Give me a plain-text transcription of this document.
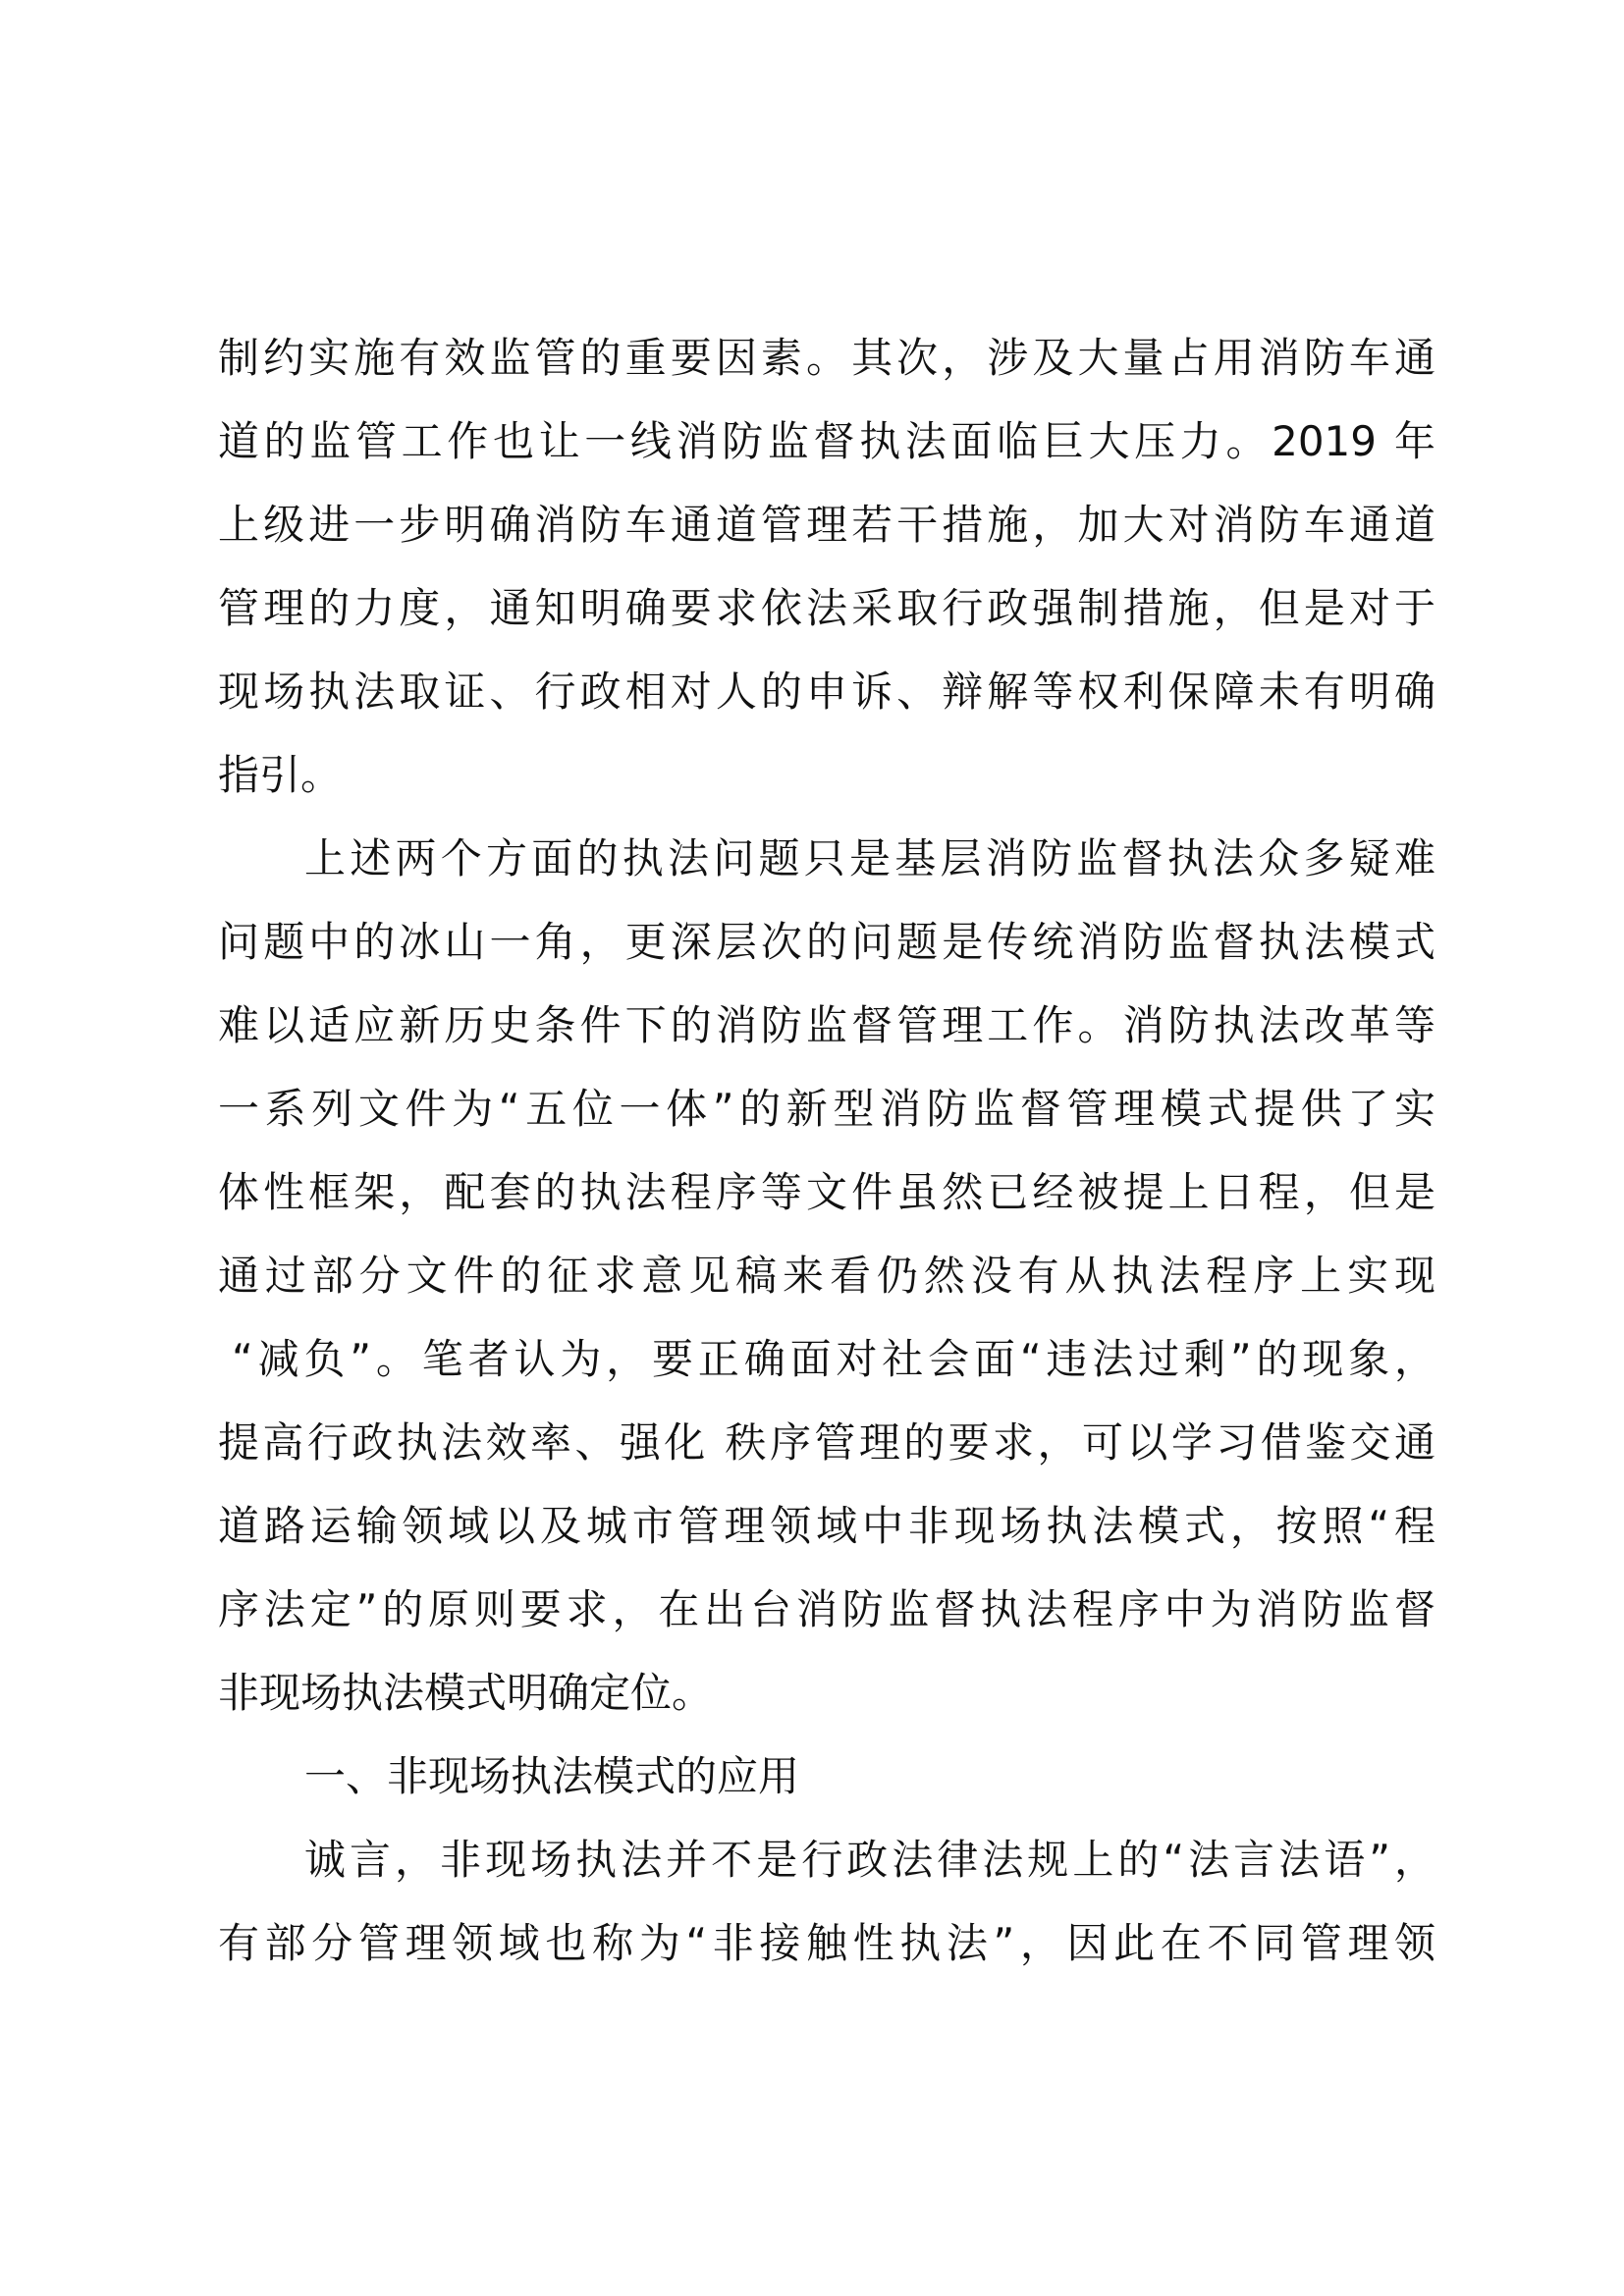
制约实施有效监管的重要因素。其次，涉及大量占用消防车通
道的监管工作也让一线消防监督执法面临巨大压力。2019 年
上级进一步明确消防车通道管理若干措施，加大对消防车通道
管理的力度，通知明确要求依法采取行政强制措施，但是对于
现场执法取证、行政相对人的申诉、辩解等权利保障未有明确
指引。
上述两个方面的执法问题只是基层消防监督执法众多疑难
问题中的冰山一角，更深层次的问题是传统消防监督执法模式
难以适应新历史条件下的消防监督管理工作。消防执法改革等
一系列文件为“五位一体”的新型消防监督管理模式提供了实
体性框架，配套的执法程序等文件虽然已经被提上日程，但是
通过部分文件的征求意见稿来看仍然没有从执法程序上实现
“减负”。笔者认为，要正确面对社会面“违法过剩”的现象，
提高行政执法效率、强化 秩序管理的要求，可以学习借鉴交通
道路运输领域以及城市管理领域中非现场执法模式，按照“程
序法定”的原则要求，在出台消防监督执法程序中为消防监督
非现场执法模式明确定位。
一、非现场执法模式的应用
诚言，非现场执法并不是行政法律法规上的“法言法语”，
有部分管理领域也称为“非接触性执法”，因此在不同管理领
